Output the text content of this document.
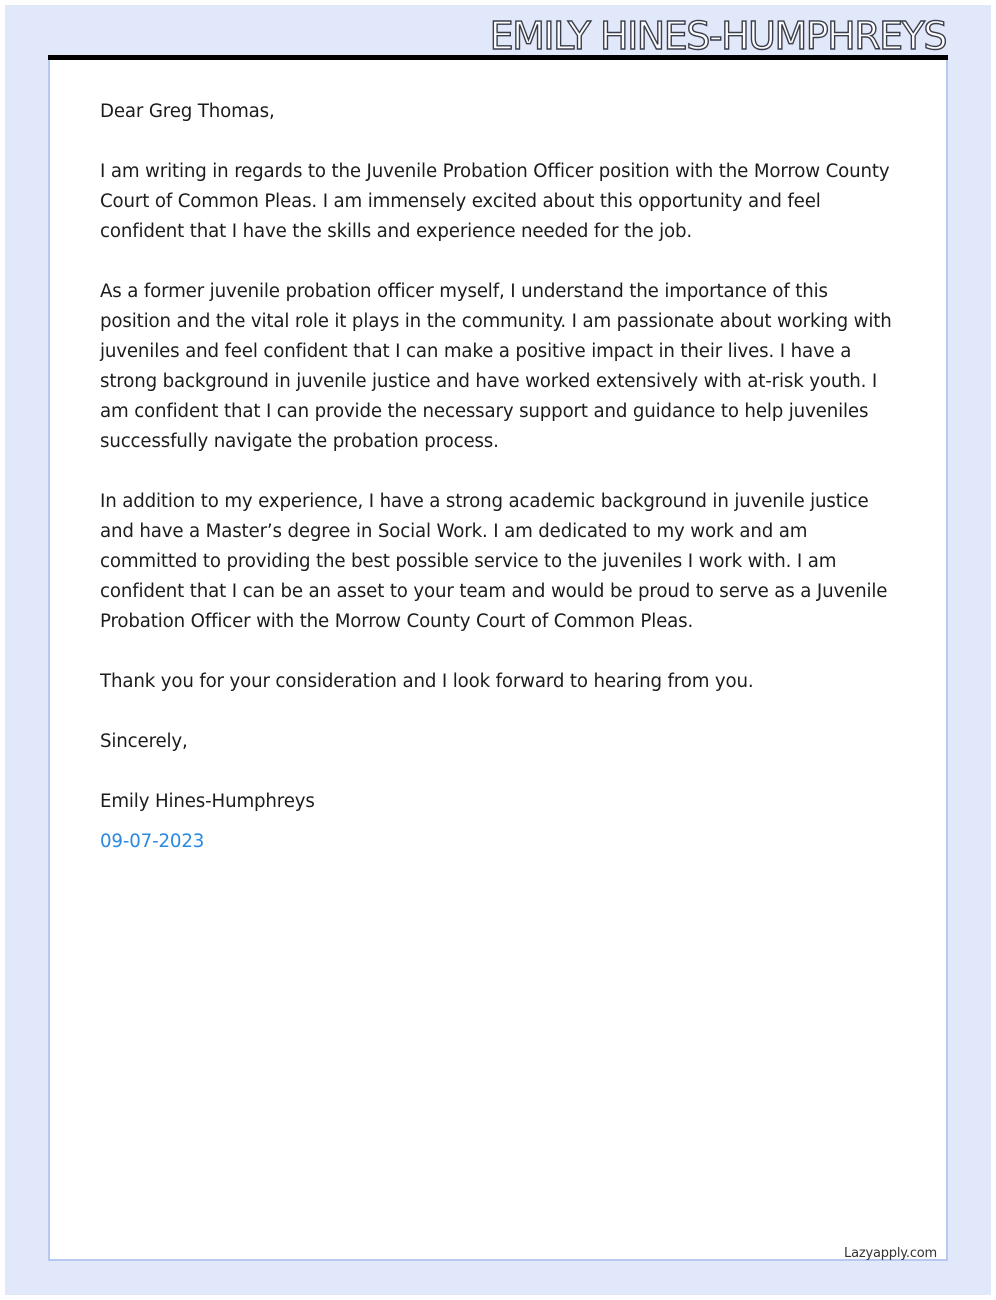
EMILY HINES-HUMPHREYS

Dear Greg Thomas,

I am writing in regards to the Juvenile Probation Officer position with the Morrow County Court of Common Pleas. I am immensely excited about this opportunity and feel confident that I have the skills and experience needed for the job.

As a former juvenile probation officer myself, I understand the importance of this position and the vital role it plays in the community. I am passionate about working with juveniles and feel confident that I can make a positive impact in their lives. I have a strong background in juvenile justice and have worked extensively with at-risk youth. I am confident that I can provide the necessary support and guidance to help juveniles successfully navigate the probation process.

In addition to my experience, I have a strong academic background in juvenile justice and have a Master’s degree in Social Work. I am dedicated to my work and am committed to providing the best possible service to the juveniles I work with. I am confident that I can be an asset to your team and would be proud to serve as a Juvenile Probation Officer with the Morrow County Court of Common Pleas.

Thank you for your consideration and I look forward to hearing from you.

Sincerely,

Emily Hines-Humphreys

09-07-2023

Lazyapply.com
